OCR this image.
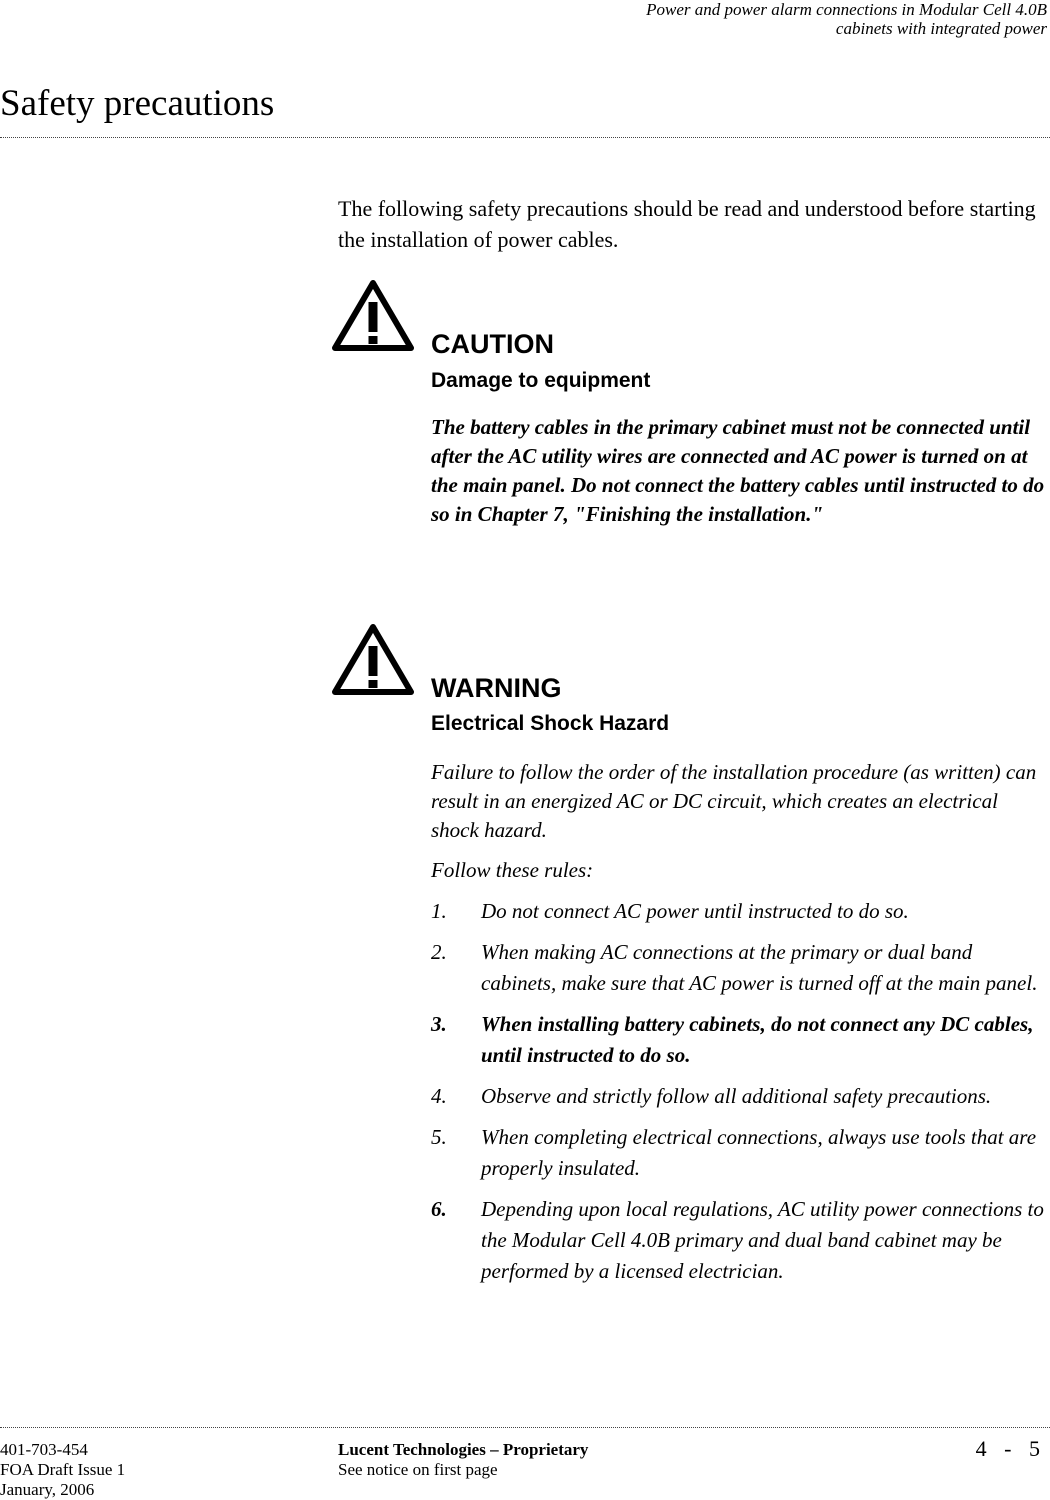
Power and power alarm connections in Modular Cell 4.0B
cabinets with integrated power
Safety precautions
The following safety precautions should be read and understood before starting the installation of power cables.
CAUTION
Damage to equipment
The battery cables in the primary cabinet must not be connected until after the AC utility wires are connected and AC power is turned on at the main panel. Do not connect the battery cables until instructed to do so in Chapter 7, "Finishing the installation."
WARNING
Electrical Shock Hazard
Failure to follow the order of the installation procedure (as written) can result in an energized AC or DC circuit, which creates an electrical shock hazard.
Follow these rules:
1.	Do not connect AC power until instructed to do so.
2.	When making AC connections at the primary or dual band cabinets, make sure that AC power is turned off at the main panel.
3.	When installing battery cabinets, do not connect any DC cables, until instructed to do so.
4.	Observe and strictly follow all additional safety precautions.
5.	When completing electrical connections, always use tools that are properly insulated.
6.	Depending upon local regulations, AC utility power connections to the Modular Cell 4.0B primary and dual band cabinet may be performed by a licensed electrician.
401-703-454
FOA Draft Issue 1
January, 2006
Lucent Technologies – Proprietary
See notice on first page
4 - 5
